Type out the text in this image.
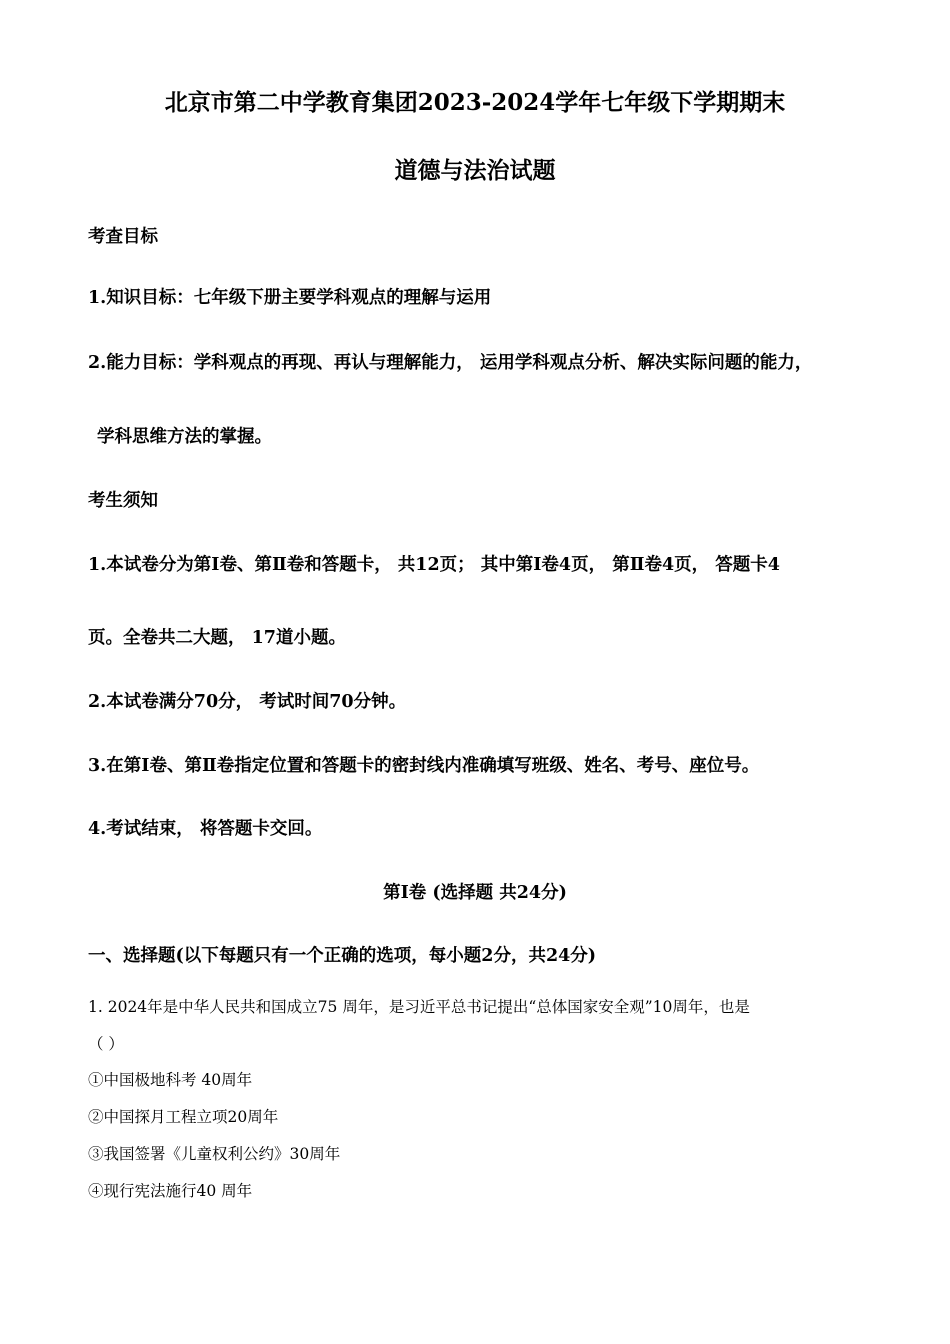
北京市第二中学教育集团2023-2024学年七年级下学期期末
道德与法治试题
考查目标
1.知识目标：七年级下册主要学科观点的理解与运用
2.能力目标：学科观点的再现、再认与理解能力， 运用学科观点分析、解决实际问题的能力，
学科思维方法的掌握。
考生须知
1.本试卷分为第Ⅰ卷、第Ⅱ卷和答题卡， 共12页； 其中第Ⅰ卷4页， 第Ⅱ卷4页， 答题卡4
页。全卷共二大题， 17道小题。
2.本试卷满分70分， 考试时间70分钟。
3.在第Ⅰ卷、第Ⅱ卷指定位置和答题卡的密封线内准确填写班级、姓名、考号、座位号。
4.考试结束， 将答题卡交回。
第Ⅰ卷 (选择题 共24分)
一、选择题(以下每题只有一个正确的选项，每小题2分，共24分)
1. 2024年是中华人民共和国成立75 周年，是习近平总书记提出“总体国家安全观”10周年，也是
（ ）
①中国极地科考 40周年
②中国探月工程立项20周年
③我国签署《儿童权利公约》30周年
④现行宪法施行40 周年
